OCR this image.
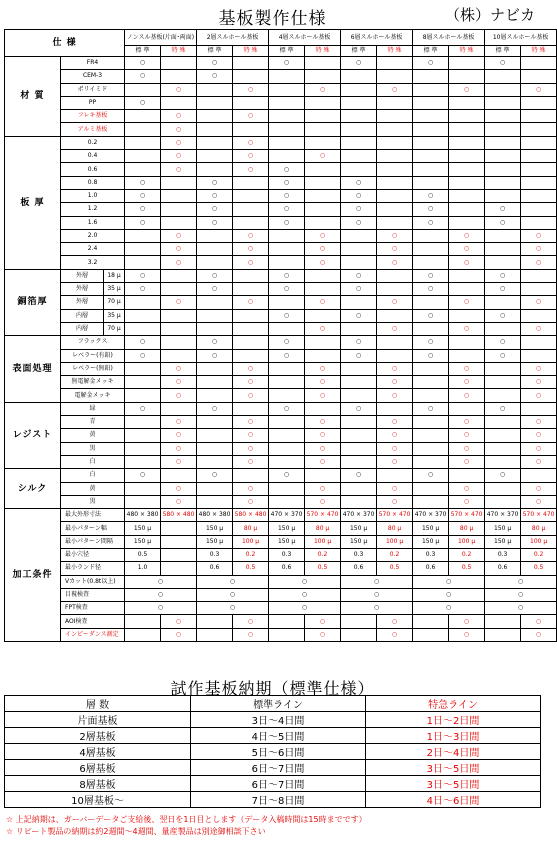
基板製作仕様	（株）ナビカ
仕 様			ノンスル基板(片面･両面)		2層スルホール基板		4層スルホール基板		6層スルホール基板		8層スルホール基板		10層スルホール基板	
			標 準	特 殊	標 準	特 殊	標 準	特 殊	標 準	特 殊	標 準	特 殊	標 準	特 殊
材 質	FR4		○		○		○		○		○		○	
	CEM-3		○		○									
	ポリイミド			○		○		○		○		○		○
	PP		○											
	フレキ基板			○		○								
	アルミ基板			○										
板 厚	0.2			○		○								
	0.4			○		○		○						
	0.6			○		○	○							
	0.8		○		○		○		○					
	1.0		○		○		○		○		○			
	1.2		○		○		○		○		○		○	
	1.6		○		○		○		○		○		○	
	2.0			○		○		○		○		○		○
	2.4			○		○		○		○		○		○
	3.2			○		○		○		○		○		○
銅箔厚	外層	18 μ	○		○		○		○		○		○	
	外層	35 μ	○		○		○		○		○		○	
	外層	70 μ		○		○		○		○		○		○
	内層	35 μ					○		○		○		○	
	内層	70 μ						○		○		○		○
表面処理	フラックス		○		○		○		○		○		○	
	レベラー(有鉛)		○		○		○		○		○		○	
	レベラー(無鉛)			○		○		○		○		○		○
	無電解金メッキ			○		○		○		○		○		○
	電解金メッキ			○		○		○		○		○		○
レジスト	緑		○		○		○		○		○		○	
	青			○		○		○		○		○		○
	黄			○		○		○		○		○		○
	黒			○		○		○		○		○		○
	白			○		○		○		○		○		○
シルク	白		○		○		○		○		○		○	
	黄			○		○		○		○		○		○
	黒			○		○		○		○		○		○
加工条件	最大外形寸法		480 × 380	580 × 480	480 × 380	580 × 480	470 × 370	570 × 470	470 × 370	570 × 470	470 × 370	570 × 470	470 × 370	570 × 470
	最小パターン幅		150 μ		150 μ	80 μ	150 μ	80 μ	150 μ	80 μ	150 μ	80 μ	150 μ	80 μ
	最小パターン間隔		150 μ		150 μ	100 μ	150 μ	100 μ	150 μ	100 μ	150 μ	100 μ	150 μ	100 μ
	最小穴径		0.5		0.3	0.2	0.3	0.2	0.3	0.2	0.3	0.2	0.3	0.2
	最小ランド径		1.0		0.6	0.5	0.6	0.5	0.6	0.5	0.6	0.5	0.6	0.5
	Vカット(0.8t以上)		○		○		○		○		○		○	
	目視検査		○		○		○		○		○		○	
	FPT検査		○		○		○		○		○		○	
	AOI検査			○		○		○		○		○		○
	インピーダンス測定			○		○		○		○		○		○
試作基板納期（標準仕様）
層 数	標準ライン	特急ライン
片面基板	3日～4日間	1日～2日間
2層基板	4日～5日間	1日～3日間
4層基板	5日～6日間	2日～4日間
6層基板	6日～7日間	3日～5日間
8層基板	6日～7日間	3日～5日間
10層基板～	7日～8日間	4日～6日間
☆ 上記納期は、ガーバーデータご支給後、翌日を1日目とします（データ入稿時間は15時までです）
☆ リピート製品の納期は約2週間～4週間、量産製品は別途御相談下さい
